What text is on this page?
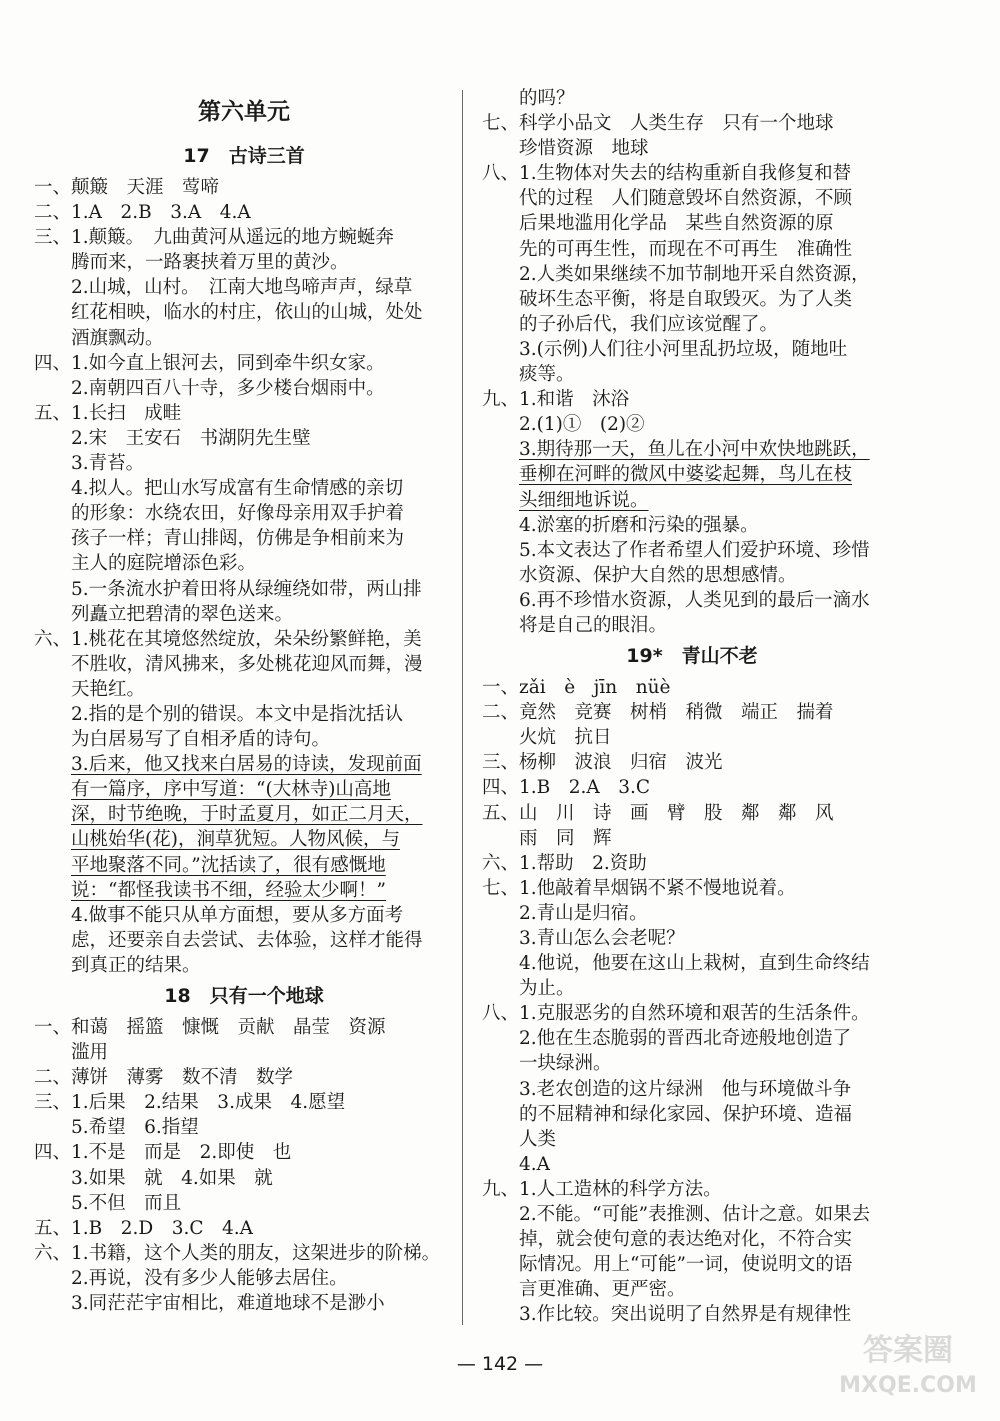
第六单元
17　古诗三首
一、颠簸　天涯　莺啼
二、1.A　2.B　3.A　4.A
三、1.颠簸。　九曲黄河从遥远的地方蜿蜒奔
　　腾而来，一路裹挟着万里的黄沙。
　　2.山城，山村。　江南大地鸟啼声声，绿草
　　红花相映，临水的村庄，依山的山城，处处
　　酒旗飘动。
四、1.如今直上银河去，同到牵牛织女家。
　　2.南朝四百八十寺，多少楼台烟雨中。
五、1.长扫　成畦
　　2.宋　王安石　书湖阴先生壁
　　3.青苔。
　　4.拟人。把山水写成富有生命情感的亲切
　　的形象：水绕农田，好像母亲用双手护着
　　孩子一样；青山排闼，仿佛是争相前来为
　　主人的庭院增添色彩。
　　5.一条流水护着田将从绿缠绕如带，两山排
　　列矗立把碧清的翠色送来。
六、1.桃花在其境悠然绽放，朵朵纷繁鲜艳，美
　　不胜收，清风拂来，多处桃花迎风而舞，漫
　　天艳红。
　　2.指的是个别的错误。本文中是指沈括认
　　为白居易写了自相矛盾的诗句。
　　3.后来，他又找来白居易的诗读，发现前面
　　有一篇序，序中写道：“(大林寺)山高地
　　深，时节绝晚，于时孟夏月，如正二月天，
　　山桃始华(花)，涧草犹短。人物风候，与
　　平地聚落不同。”沈括读了，很有感慨地
　　说：“都怪我读书不细，经验太少啊！”
　　4.做事不能只从单方面想，要从多方面考
　　虑，还要亲自去尝试、去体验，这样才能得
　　到真正的结果。
18　只有一个地球
一、和蔼　摇篮　慷慨　贡献　晶莹　资源
　　滥用
二、薄饼　薄雾　数不清　数学
三、1.后果　2.结果　3.成果　4.愿望
　　5.希望　6.指望
四、1.不是　而是　2.即使　也
　　3.如果　就　4.如果　就
　　5.不但　而且
五、1.B　2.D　3.C　4.A
六、1.书籍，这个人类的朋友，这架进步的阶梯。
　　2.再说，没有多少人能够去居住。
　　3.同茫茫宇宙相比，难道地球不是渺小
　　的吗？
七、科学小品文　人类生存　只有一个地球
　　珍惜资源　地球
八、1.生物体对失去的结构重新自我修复和替
　　代的过程　人们随意毁坏自然资源，不顾
　　后果地滥用化学品　某些自然资源的原
　　先的可再生性，而现在不可再生　准确性
　　2.人类如果继续不加节制地开采自然资源，
　　破坏生态平衡，将是自取毁灭。为了人类
　　的子孙后代，我们应该觉醒了。
　　3.(示例)人们往小河里乱扔垃圾，随地吐
　　痰等。
九、1.和谐　沐浴
　　2.(1)①　(2)②
　　3.期待那一天，鱼儿在小河中欢快地跳跃，
　　垂柳在河畔的微风中婆娑起舞，鸟儿在枝
　　头细细地诉说。
　　4.淤塞的折磨和污染的强暴。
　　5.本文表达了作者希望人们爱护环境、珍惜
　　水资源、保护大自然的思想感情。
　　6.再不珍惜水资源，人类见到的最后一滴水
　　将是自己的眼泪。
19*　青山不老
一、zǎi　è　jīn　nüè
二、竟然　竞赛　树梢　稍微　端正　揣着
　　火炕　抗日
三、杨柳　波浪　归宿　波光
四、1.B　2.A　3.C
五、山　川　诗　画　臂　股　鄰　鄰　风
　　雨　同　辉
六、1.帮助　2.资助
七、1.他敲着旱烟锅不紧不慢地说着。
　　2.青山是归宿。
　　3.青山怎么会老呢？
　　4.他说，他要在这山上栽树，直到生命终结
　　为止。
八、1.克服恶劣的自然环境和艰苦的生活条件。
　　2.他在生态脆弱的晋西北奇迹般地创造了
　　一块绿洲。
　　3.老农创造的这片绿洲　他与环境做斗争
　　的不屈精神和绿化家园、保护环境、造福
　　人类
　　4.A
九、1.人工造林的科学方法。
　　2.不能。“可能”表推测、估计之意。如果去
　　掉，就会使句意的表达绝对化，不符合实
　　际情况。用上“可能”一词，使说明文的语
　　言更准确、更严密。
　　3.作比较。突出说明了自然界是有规律性
— 142 —	答案圈
MXQE.COM
